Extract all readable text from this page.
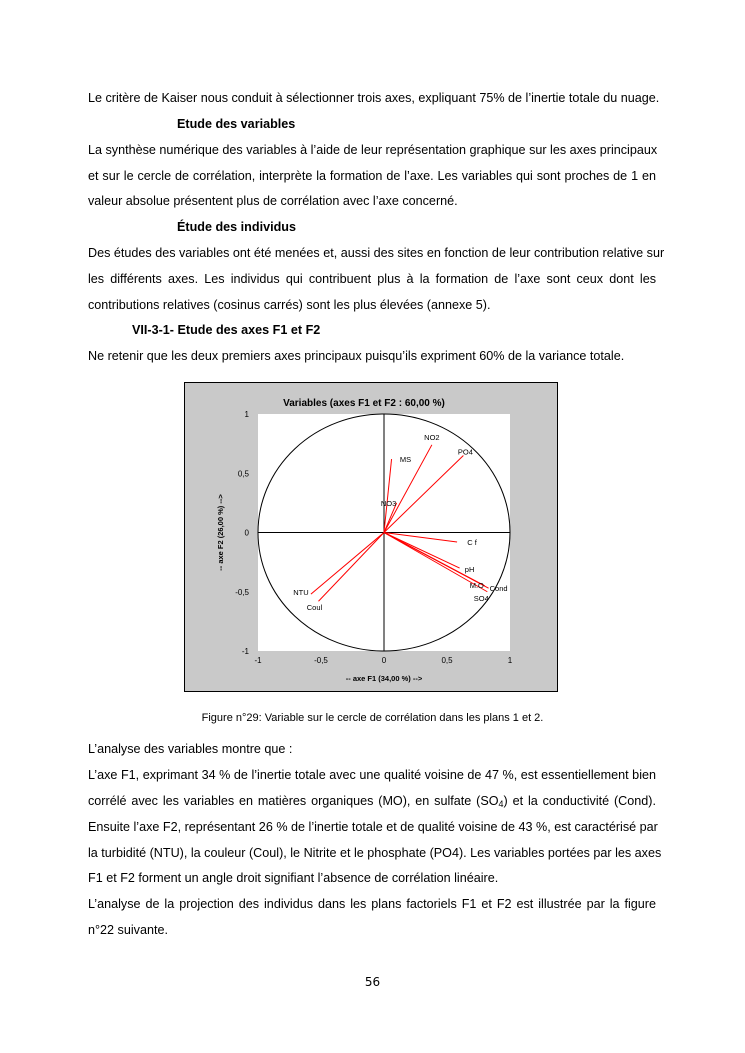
Le critère de Kaiser nous conduit à sélectionner trois axes, expliquant 75% de l’inertie totale du nuage.
Etude des variables
La synthèse numérique des variables à l’aide de leur représentation graphique sur les axes principaux
et sur le cercle de corrélation, interprète la formation de l’axe. Les variables qui sont proches de 1 en
valeur absolue présentent plus de corrélation avec l’axe concerné.
Étude des individus
Des études des variables ont été menées et, aussi des sites en fonction de leur contribution relative sur
les différents axes. Les individus qui contribuent plus à la formation de l’axe sont ceux dont les
contributions relatives (cosinus carrés) sont les plus élevées (annexe 5).
VII-3-1- Etude des axes F1 et F2
Ne retenir que les deux premiers axes principaux puisqu’ils expriment 60% de la variance totale.
Variables (axes F1 et F2 : 60,00 %)
-1	-0,5	0	0,5	1
1
0,5
0
-0,5
-1
-- axe F1 (34,00 %) -->
-- axe F2 (26,00 %) -->
MS
NO2
PO4
NO3
C f
pH
M.O Cond
SO4
NTU
Coul
Figure n°29: Variable sur le cercle de corrélation dans les plans 1 et 2.
L’analyse des variables montre que :
L’axe F1, exprimant 34 % de l’inertie totale avec une qualité voisine de 47 %, est essentiellement bien
corrélé avec les variables en matières organiques (MO), en sulfate $(SO_4)$ et la conductivité (Cond).
Ensuite l’axe F2, représentant 26 % de l’inertie totale et de qualité voisine de 43 %, est caractérisé par
la turbidité (NTU), la couleur (Coul), le Nitrite et le phosphate (PO4). Les variables portées par les axes
F1 et F2 forment un angle droit signifiant l’absence de corrélation linéaire.
L’analyse de la projection des individus dans les plans factoriels F1 et F2 est illustrée par la figure
n°22 suivante.
56
